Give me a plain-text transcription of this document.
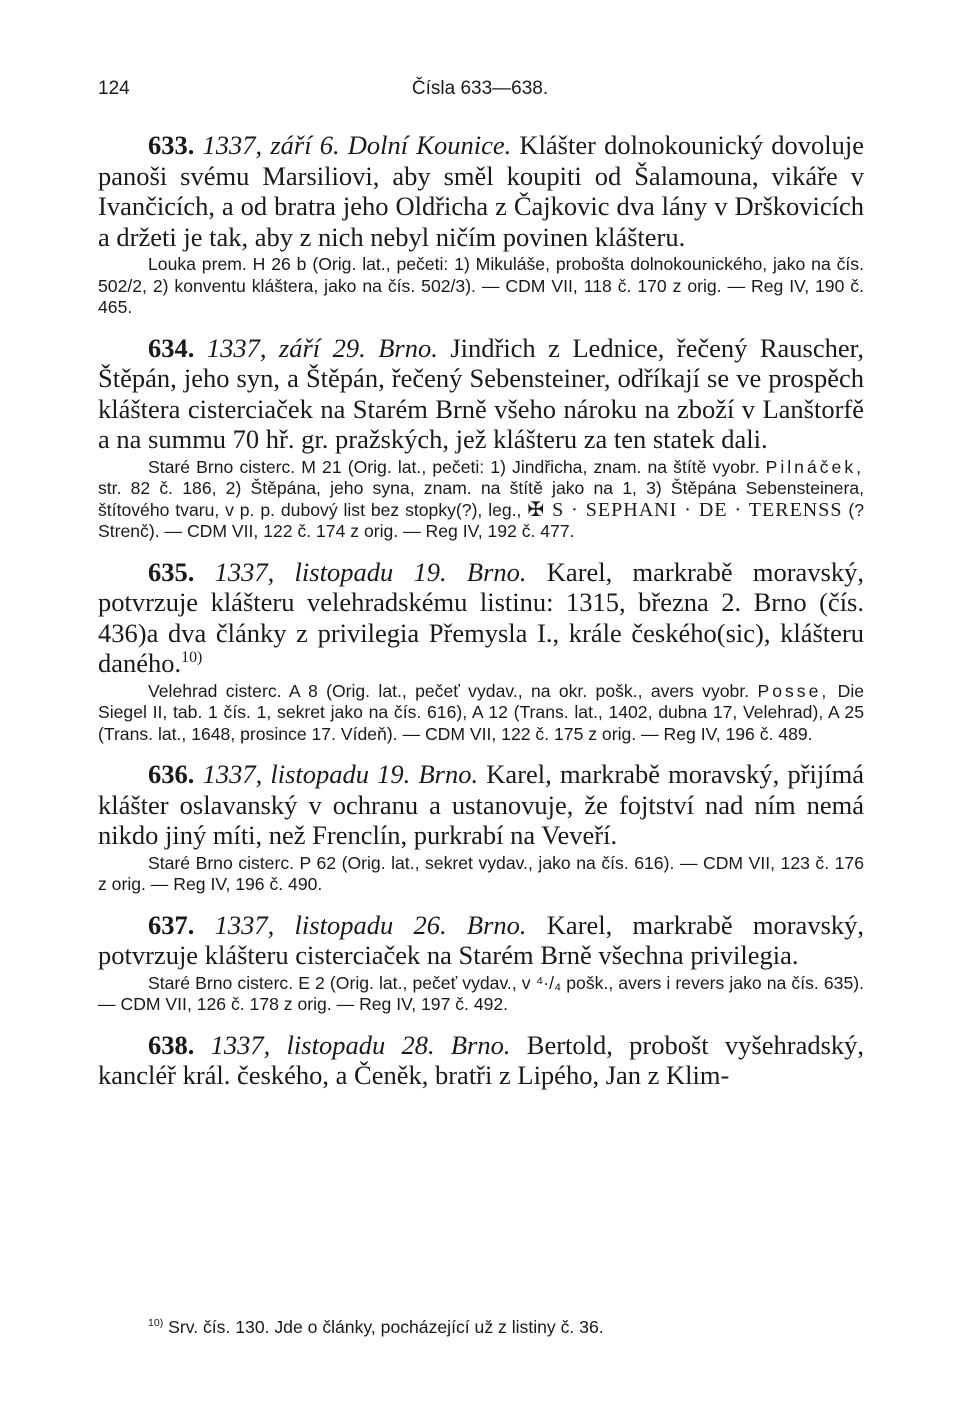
124	Čísla 633—638.

633. 1337, září 6. Dolní Kounice. Klášter dolnokounický dovoluje panoši svému Marsiliovi, aby směl koupiti od Šalamouna, vikáře v Ivančicích, a od bratra jeho Oldřicha z Čajkovic dva lány v Drškovicích a držeti je tak, aby z nich nebyl ničím povinen klášteru.

Louka prem. H 26 b (Orig. lat., pečeti: 1) Mikuláše, probošta dolnokounického, jako na čís. 502/2, 2) konventu kláštera, jako na čís. 502/3). — CDM VII, 118 č. 170 z orig. — Reg IV, 190 č. 465.

634. 1337, září 29. Brno. Jindřich z Lednice, řečený Rauscher, Štěpán, jeho syn, a Štěpán, řečený Sebensteiner, odříkají se ve prospěch kláštera cisterciaček na Starém Brně všeho nároku na zboží v Lanštorfě a na summu 70 hř. gr. pražských, jež klášteru za ten statek dali.

Staré Brno cisterc. M 21 (Orig. lat., pečeti: 1) Jindřicha, znam. na štítě vyobr. Pilnáček, str. 82 č. 186, 2) Štěpána, jeho syna, znam. na štítě jako na 1, 3) Štěpána Sebensteinera, štítového tvaru, v p. p. dubový list bez stopky(?), leg., ✠ S · SEPHANI · DE · TERENSS (? Strenč). — CDM VII, 122 č. 174 z orig. — Reg IV, 192 č. 477.

635. 1337, listopadu 19. Brno. Karel, markrabě moravský, potvrzuje klášteru velehradskému listinu: 1315, března 2. Brno (čís. 436)a dva články z privilegia Přemysla I., krále českého(sic), klášteru daného.$^{10)}$

Velehrad cisterc. A 8 (Orig. lat., pečeť vydav., na okr. pošk., avers vyobr. Posse, Die Siegel II, tab. 1 čís. 1, sekret jako na čís. 616), A 12 (Trans. lat., 1402, dubna 17, Velehrad), A 25 (Trans. lat., 1648, prosince 17. Vídeň). — CDM VII, 122 č. 175 z orig. — Reg IV, 196 č. 489.

636. 1337, listopadu 19. Brno. Karel, markrabě moravský, přijímá klášter oslavanský v ochranu a ustanovuje, že fojtství nad ním nemá nikdo jiný míti, než Frenclín, purkrabí na Veveří.

Staré Brno cisterc. P 62 (Orig. lat., sekret vydav., jako na čís. 616). — CDM VII, 123 č. 176 z orig. — Reg IV, 196 č. 490.

637. 1337, listopadu 26. Brno. Karel, markrabě moravský, potvrzuje klášteru cisterciaček na Starém Brně všechna privilegia.

Staré Brno cisterc. E 2 (Orig. lat., pečeť vydav., v ⁴·/₄ pošk., avers i revers jako na čís. 635). — CDM VII, 126 č. 178 z orig. — Reg IV, 197 č. 492.

638. 1337, listopadu 28. Brno. Bertold, probošt vyšehradský, kancléř král. českého, a Čeněk, bratři z Lipého, Jan z Klim-

$^{10)}$ Srv. čís. 130. Jde o články, pocházející už z listiny č. 36.
